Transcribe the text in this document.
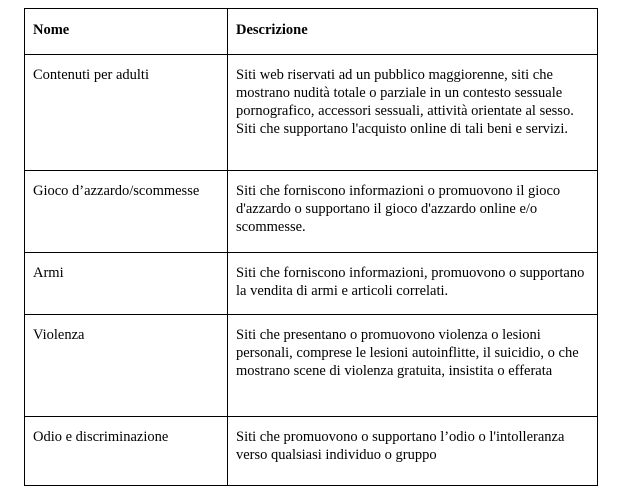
Nome	Descrizione
Contenuti per adulti	Siti web riservati ad un pubblico maggiorenne, siti che mostrano nudità totale o parziale in un contesto sessuale pornografico, accessori sessuali, attività orientate al sesso. Siti che supportano l'acquisto online di tali beni e servizi.
Gioco d’azzardo/scommesse	Siti che forniscono informazioni o promuovono il gioco d'azzardo o supportano il gioco d'azzardo online e/o scommesse.
Armi	Siti che forniscono informazioni, promuovono o supportano la vendita di armi e articoli correlati.
Violenza	Siti che presentano o promuovono violenza o lesioni personali, comprese le lesioni autoinflitte, il suicidio, o che mostrano scene di violenza gratuita, insistita o efferata
Odio e discriminazione	Siti che promuovono o supportano l’odio o l'intolleranza verso qualsiasi individuo o gruppo
